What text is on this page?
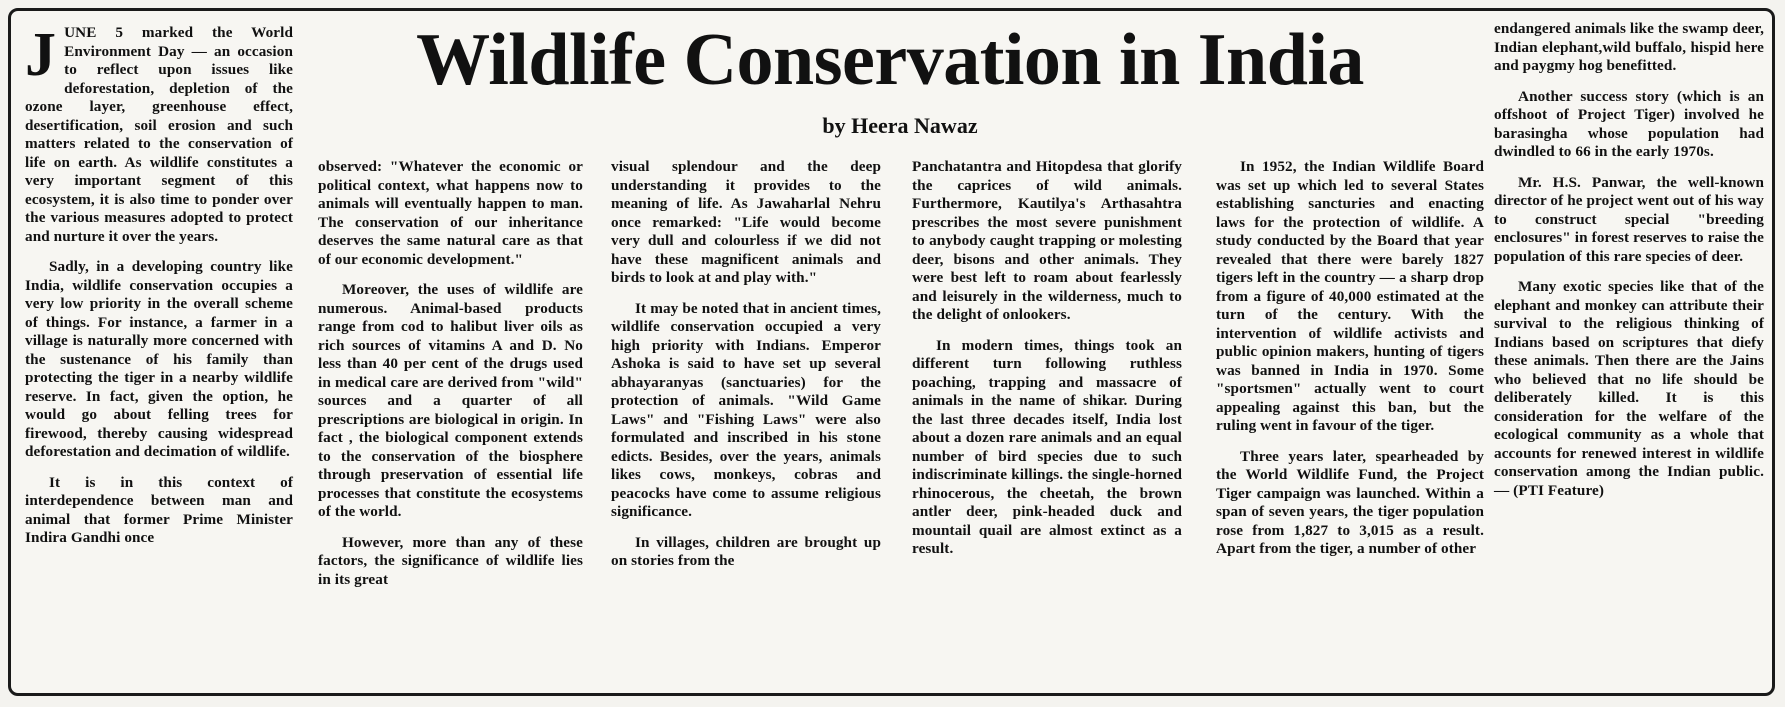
Wildlife Conservation in India
by Heera Nawaz

JUNE 5 marked the World Environment Day — an occasion to reflect upon issues like deforestation, depletion of the ozone layer, greenhouse effect, desertification, soil erosion and such matters related to the conservation of life on earth. As wildlife constitutes a very important segment of this ecosystem, it is also time to ponder over the various measures adopted to protect and nurture it over the years.

Sadly, in a developing country like India, wildlife conservation occupies a very low priority in the overall scheme of things. For instance, a farmer in a village is naturally more concerned with the sustenance of his family than protecting the tiger in a nearby wildlife reserve. In fact, given the option, he would go about felling trees for firewood, thereby causing widespread deforestation and decimation of wildlife.

It is in this context of interdependence between man and animal that former Prime Minister Indira Gandhi once

observed: "Whatever the economic or political context, what happens now to animals will eventually happen to man. The conservation of our inheritance deserves the same natural care as that of our economic development."

Moreover, the uses of wildlife are numerous. Animal-based products range from cod to halibut liver oils as rich sources of vitamins A and D. No less than 40 per cent of the drugs used in medical care are derived from "wild" sources and a quarter of all prescriptions are biological in origin. In fact , the biological component extends to the conservation of the biosphere through preservation of essential life processes that constitute the ecosystems of the world.

However, more than any of these factors, the significance of wildlife lies in its great

visual splendour and the deep understanding it provides to the meaning of life. As Jawaharlal Nehru once remarked: "Life would become very dull and colourless if we did not have these magnificent animals and birds to look at and play with."

It may be noted that in ancient times, wildlife conservation occupied a very high priority with Indians. Emperor Ashoka is said to have set up several abhayaranyas (sanctuaries) for the protection of animals. "Wild Game Laws" and "Fishing Laws" were also formulated and inscribed in his stone edicts. Besides, over the years, animals likes cows, monkeys, cobras and peacocks have come to assume religious significance.

In villages, children are brought up on stories from the

Panchatantra and Hitopdesa that glorify the caprices of wild animals. Furthermore, Kautilya's Arthasahtra prescribes the most severe punishment to anybody caught trapping or molesting deer, bisons and other animals. They were best left to roam about fearlessly and leisurely in the wilderness, much to the delight of onlookers.

In modern times, things took an different turn following ruthless poaching, trapping and massacre of animals in the name of shikar. During the last three decades itself, India lost about a dozen rare animals and an equal number of bird species due to such indiscriminate killings. the single-horned rhinocerous, the cheetah, the brown antler deer, pink-headed duck and mountail quail are almost extinct as a result.

In 1952, the Indian Wildlife Board was set up which led to several States establishing sancturies and enacting laws for the protection of wildlife. A study conducted by the Board that year revealed that there were barely 1827 tigers left in the country — a sharp drop from a figure of 40,000 estimated at the turn of the century. With the intervention of wildlife activists and public opinion makers, hunting of tigers was banned in India in 1970. Some "sportsmen" actually went to court appealing against this ban, but the ruling went in favour of the tiger.

Three years later, spearheaded by the World Wildlife Fund, the Project Tiger campaign was launched. Within a span of seven years, the tiger population rose from 1,827 to 3,015 as a result. Apart from the tiger, a number of other

endangered animals like the swamp deer, Indian elephant,wild buffalo, hispid here and paygmy hog benefitted.

Another success story (which is an offshoot of Project Tiger) involved he barasingha whose population had dwindled to 66 in the early 1970s.

Mr. H.S. Panwar, the well-known director of he project went out of his way to construct special "breeding enclosures" in forest reserves to raise the population of this rare species of deer.

Many exotic species like that of the elephant and monkey can attribute their survival to the religious thinking of Indians based on scriptures that diefy these animals. Then there are the Jains who believed that no life should be deliberately killed. It is this consideration for the welfare of the ecological community as a whole that accounts for renewed interest in wildlife conservation among the Indian public. — (PTI Feature)
